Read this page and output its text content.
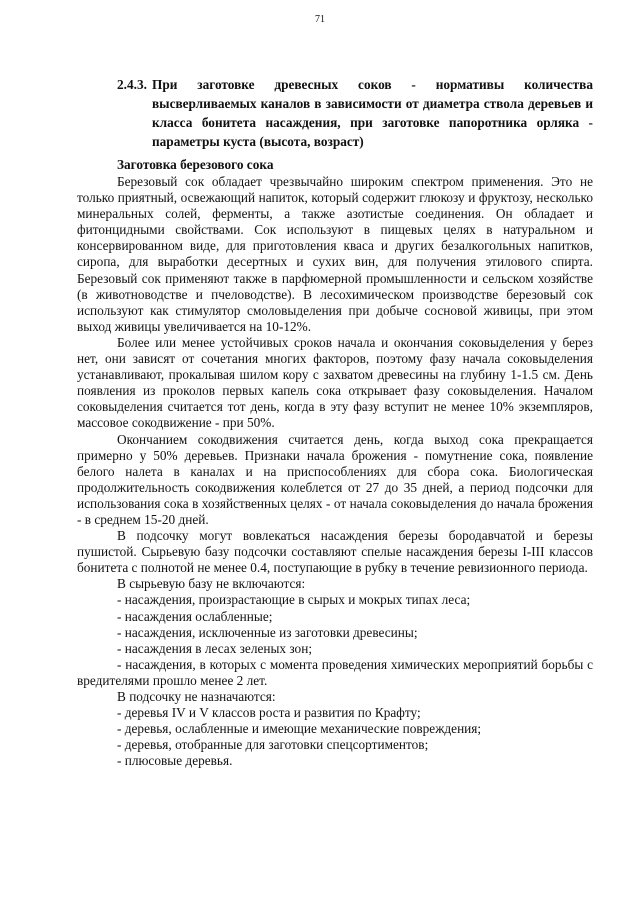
71
2.4.3. При заготовке древесных соков - нормативы количества высверливаемых каналов в зависимости от диаметра ствола деревьев и класса бонитета насаждения, при заготовке папоротника орляка - параметры куста (высота, возраст)
Заготовка березового сока

Березовый сок обладает чрезвычайно широким спектром применения. Это не только приятный, освежающий напиток, который содержит глюкозу и фруктозу, несколько минеральных солей, ферменты, а также азотистые соединения. Он обладает и фитонцидными свойствами. Сок используют в пищевых целях в натуральном и консервированном виде, для приготовления кваса и других безалкогольных напитков, сиропа, для выработки десертных и сухих вин, для получения этилового спирта. Березовый сок применяют также в парфюмерной промышленности и сельском хозяйстве (в животноводстве и пчеловодстве). В лесохимическом производстве березовый сок используют как стимулятор смоловыделения при добыче сосновой живицы, при этом выход живицы увеличивается на 10-12%.

Более или менее устойчивых сроков начала и окончания соковыделения у берез нет, они зависят от сочетания многих факторов, поэтому фазу начала соковыделения устанавливают, прокалывая шилом кору с захватом древесины на глубину 1-1.5 см. День появления из проколов первых капель сока открывает фазу соковыделения. Началом соковыделения считается тот день, когда в эту фазу вступит не менее 10% экземпляров, массовое сокодвижение - при 50%.

Окончанием сокодвижения считается день, когда выход сока прекращается примерно у 50% деревьев. Признаки начала брожения - помутнение сока, появление белого налета в каналах и на приспособлениях для сбора сока. Биологическая продолжительность сокодвижения колеблется от 27 до 35 дней, а период подсочки для использования сока в хозяйственных целях - от начала соковыделения до начала брожения - в среднем 15-20 дней.

В подсочку могут вовлекаться насаждения березы бородавчатой и березы пушистой. Сырьевую базу подсочки составляют спелые насаждения березы I-III классов бонитета с полнотой не менее 0.4, поступающие в рубку в течение ревизионного периода.

В сырьевую базу не включаются:

- насаждения, произрастающие в сырых и мокрых типах леса;
- насаждения ослабленные;
- насаждения, исключенные из заготовки древесины;
- насаждения в лесах зеленых зон;
- насаждения, в которых с момента проведения химических мероприятий борьбы с вредителями прошло менее 2 лет.

В подсочку не назначаются:

- деревья IV и V классов роста и развития по Крафту;
- деревья, ослабленные и имеющие механические повреждения;
- деревья, отобранные для заготовки спецсортиментов;
- плюсовые деревья.
